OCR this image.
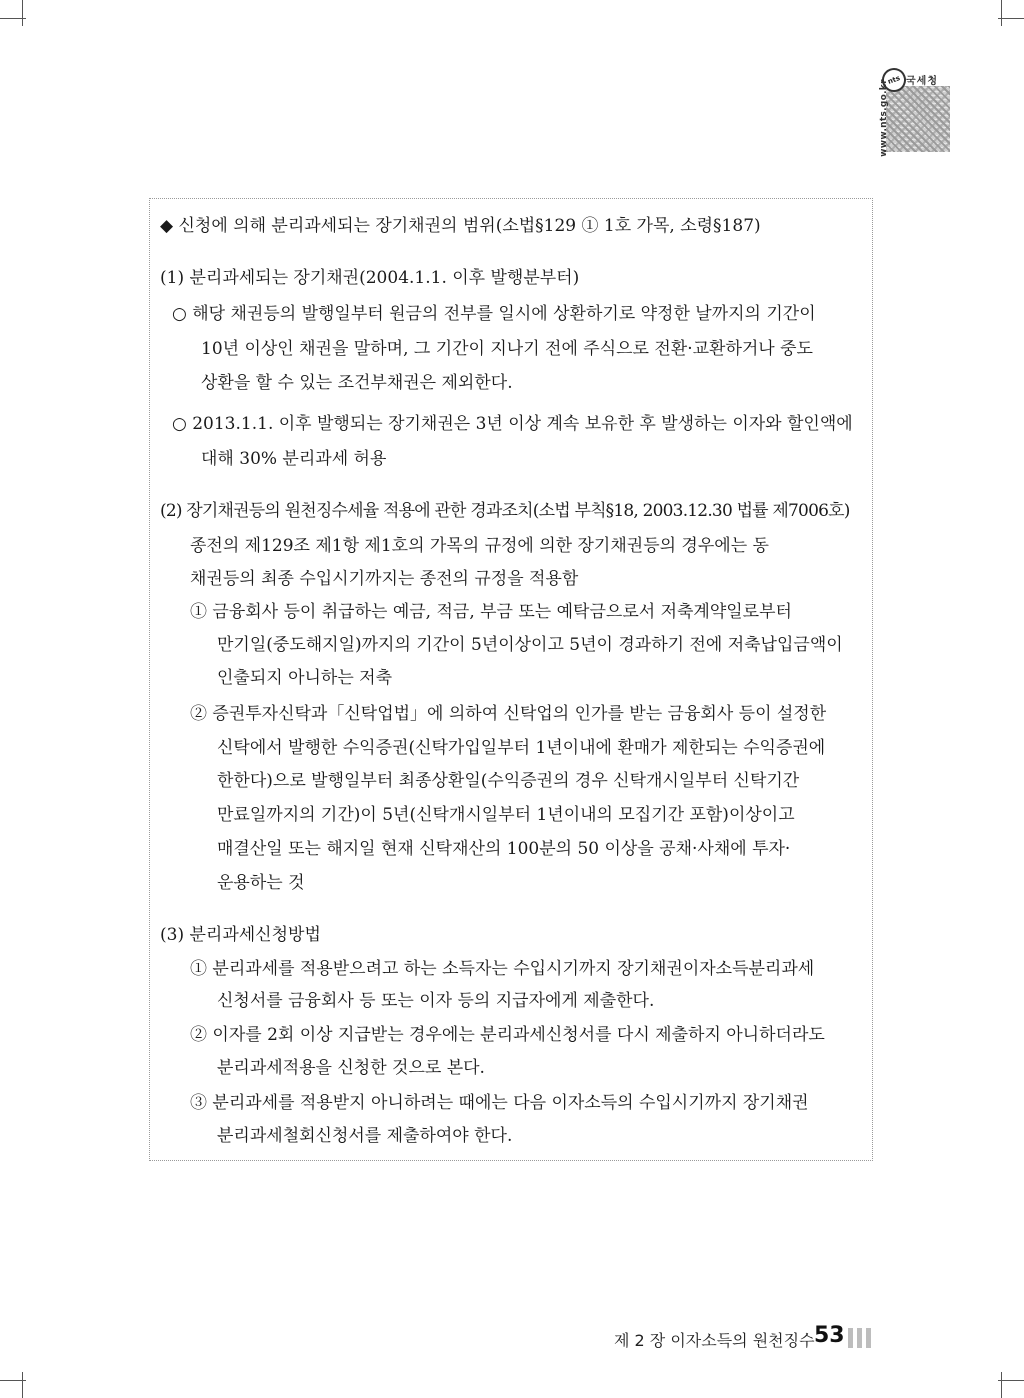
nts 국세청
www.nts.go.kr
◆ 신청에 의해 분리과세되는 장기채권의 범위(소법§129 ① 1호 가목, 소령§187)
(1) 분리과세되는 장기채권(2004.1.1. 이후 발행분부터)
○ 해당 채권등의 발행일부터 원금의 전부를 일시에 상환하기로 약정한 날까지의 기간이
10년 이상인 채권을 말하며, 그 기간이 지나기 전에 주식으로 전환·교환하거나 중도
상환을 할 수 있는 조건부채권은 제외한다.
○ 2013.1.1. 이후 발행되는 장기채권은 3년 이상 계속 보유한 후 발생하는 이자와 할인액에
대해 30% 분리과세 허용
(2) 장기채권등의 원천징수세율 적용에 관한 경과조치(소법 부칙§18, 2003.12.30 법률 제7006호)
종전의 제129조 제1항 제1호의 가목의 규정에 의한 장기채권등의 경우에는 동
채권등의 최종 수입시기까지는 종전의 규정을 적용함
① 금융회사 등이 취급하는 예금, 적금, 부금 또는 예탁금으로서 저축계약일로부터
만기일(중도해지일)까지의 기간이 5년이상이고 5년이 경과하기 전에 저축납입금액이
인출되지 아니하는 저축
② 증권투자신탁과「신탁업법」에 의하여 신탁업의 인가를 받는 금융회사 등이 설정한
신탁에서 발행한 수익증권(신탁가입일부터 1년이내에 환매가 제한되는 수익증권에
한한다)으로 발행일부터 최종상환일(수익증권의 경우 신탁개시일부터 신탁기간
만료일까지의 기간)이 5년(신탁개시일부터 1년이내의 모집기간 포함)이상이고
매결산일 또는 해지일 현재 신탁재산의 100분의 50 이상을 공채·사채에 투자·
운용하는 것
(3) 분리과세신청방법
① 분리과세를 적용받으려고 하는 소득자는 수입시기까지 장기채권이자소득분리과세
신청서를 금융회사 등 또는 이자 등의 지급자에게 제출한다.
② 이자를 2회 이상 지급받는 경우에는 분리과세신청서를 다시 제출하지 아니하더라도
분리과세적용을 신청한 것으로 본다.
③ 분리과세를 적용받지 아니하려는 때에는 다음 이자소득의 수입시기까지 장기채권
분리과세철회신청서를 제출하여야 한다.
제 2 장 이자소득의 원천징수 53
